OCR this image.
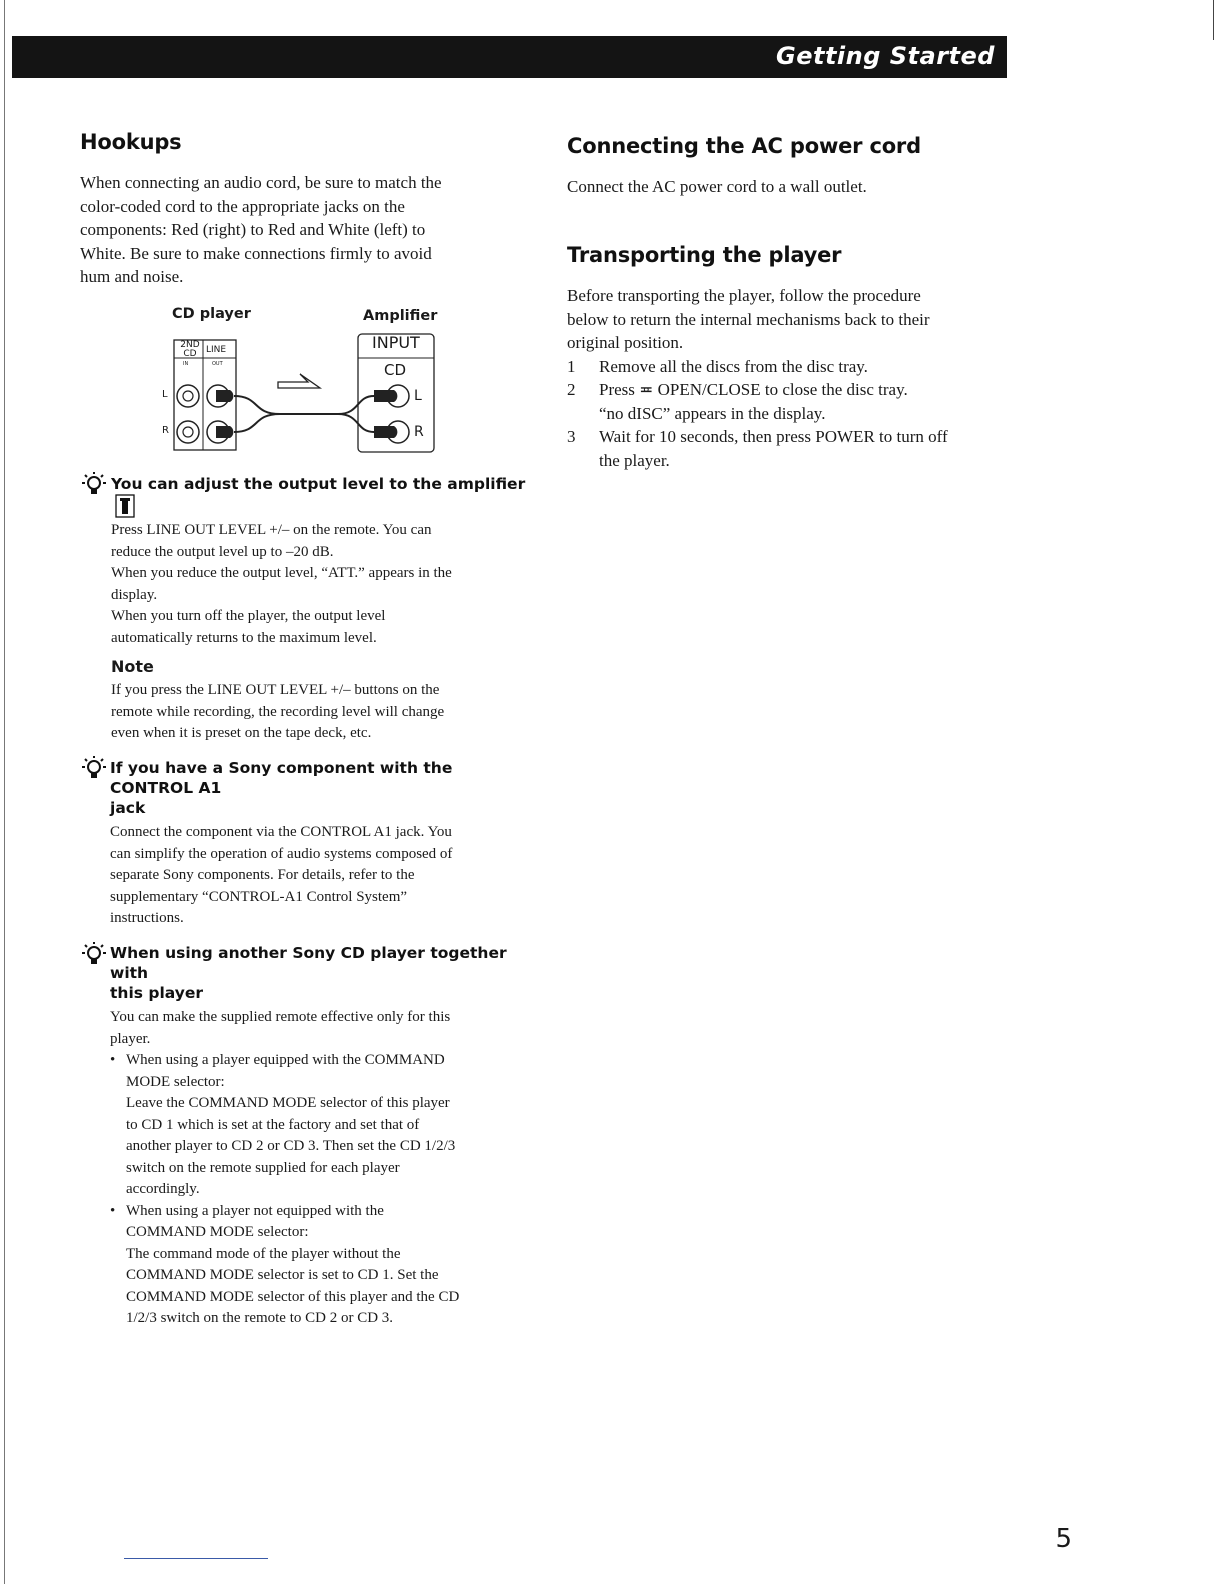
Getting Started
Hookups

When connecting an audio cord, be sure to match the

color-coded cord to the appropriate jacks on the

components: Red (right) to Red and White (left) to

White. Be sure to make connections firmly to avoid

hum and noise.

CD player	Amplifier
2ND CD	LINE
IN	OUT
L
R
INPUT
CD
L
R

You can adjust the output level to the amplifier

Press LINE OUT LEVEL +/– on the remote. You can

reduce the output level up to –20 dB.

When you reduce the output level, “ATT.” appears in the

display.

When you turn off the player, the output level

automatically returns to the maximum level.

Note

If you press the LINE OUT LEVEL +/– buttons on the

remote while recording, the recording level will change

even when it is preset on the tape deck, etc.

If you have a Sony component with the CONTROL A1

jack

Connect the component via the CONTROL A1 jack. You

can simplify the operation of audio systems composed of

separate Sony components. For details, refer to the

supplementary “CONTROL-A1 Control System”

instructions.

When using another Sony CD player together with

this player

You can make the supplied remote effective only for this

player.

• When using a player equipped with the COMMAND
MODE selector:
Leave the COMMAND MODE selector of this player
to CD 1 which is set at the factory and set that of
another player to CD 2 or CD 3. Then set the CD 1/2/3
switch on the remote supplied for each player
accordingly.
• When using a player not equipped with the
COMMAND MODE selector:
The command mode of the player without the
COMMAND MODE selector is set to CD 1. Set the
COMMAND MODE selector of this player and the CD
1/2/3 switch on the remote to CD 2 or CD 3.
Connecting the AC power cord

Connect the AC power cord to a wall outlet.

Transporting the player

Before transporting the player, follow the procedure

below to return the internal mechanisms back to their

original position.

1 Remove all the discs from the disc tray.
2 Press ≖ OPEN/CLOSE to close the disc tray.
“no dISC” appears in the display.
3 Wait for 10 seconds, then press POWER to turn off
the player.
5
